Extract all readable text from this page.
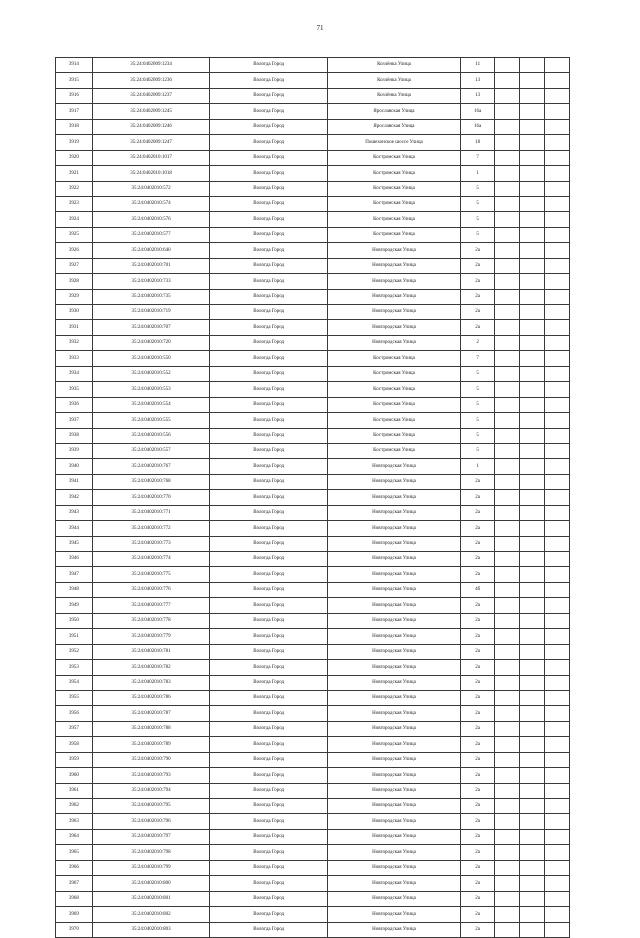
71
3914	35:24:0402009:1234	Вологда Город	Козлёнка Улица	11			
3915	35:24:0402009:1236	Вологда Город	Козлёнка Улица	13			
3916	35:24:0402009:1237	Вологда Город	Козлёнка Улица	13			
3917	35:24:0402009:1245	Вологда Город	Ярославская Улица	16а			
3918	35:24:0402009:1246	Вологда Город	Ярославская Улица	16а			
3919	35:24:0402009:1247	Вологда Город	Пошехонское шоссе Улица	18			
3920	35:24:0402010:1017	Вологда Город	Костромская Улица	7			
3921	35:24:0402010:1018	Вологда Город	Костромская Улица	1			
3922	35:24:0402010:572	Вологда Город	Костромская Улица	5			
3923	35:24:0402010:574	Вологда Город	Костромская Улица	5			
3924	35:24:0402010:576	Вологда Город	Костромская Улица	5			
3925	35:24:0402010:577	Вологда Город	Костромская Улица	5			
3926	35:24:0402010:640	Вологда Город	Новгородская Улица	2а			
3927	35:24:0402010:701	Вологда Город	Новгородская Улица	2а			
3928	35:24:0402010:733	Вологда Город	Новгородская Улица	2а			
3929	35:24:0402010:735	Вологда Город	Новгородская Улица	2а			
3930	35:24:0402010:719	Вологда Город	Новгородская Улица	2а			
3931	35:24:0402010:707	Вологда Город	Новгородская Улица	2а			
3932	35:24:0402010:720	Вологда Город	Новгородская Улица	2			
3933	35:24:0402010:550	Вологда Город	Костромская Улица	7			
3934	35:24:0402010:552	Вологда Город	Костромская Улица	5			
3935	35:24:0402010:553	Вологда Город	Костромская Улица	5			
3936	35:24:0402010:554	Вологда Город	Костромская Улица	5			
3937	35:24:0402010:555	Вологда Город	Костромская Улица	5			
3938	35:24:0402010:556	Вологда Город	Костромская Улица	5			
3939	35:24:0402010:557	Вологда Город	Костромская Улица	5			
3940	35:24:0402010:767	Вологда Город	Новгородская Улица	1			
3941	35:24:0402010:768	Вологда Город	Новгородская Улица	2а			
3942	35:24:0402010:770	Вологда Город	Новгородская Улица	2а			
3943	35:24:0402010:771	Вологда Город	Новгородская Улица	2а			
3944	35:24:0402010:772	Вологда Город	Новгородская Улица	2а			
3945	35:24:0402010:773	Вологда Город	Новгородская Улица	2а			
3946	35:24:0402010:774	Вологда Город	Новгородская Улица	2а			
3947	35:24:0402010:775	Вологда Город	Новгородская Улица	2а			
3948	35:24:0402010:776	Вологда Город	Новгородская Улица	4б			
3949	35:24:0402010:777	Вологда Город	Новгородская Улица	2а			
3950	35:24:0402010:778	Вологда Город	Новгородская Улица	2а			
3951	35:24:0402010:779	Вологда Город	Новгородская Улица	2а			
3952	35:24:0402010:781	Вологда Город	Новгородская Улица	2а			
3953	35:24:0402010:782	Вологда Город	Новгородская Улица	2а			
3954	35:24:0402010:783	Вологда Город	Новгородская Улица	2а			
3955	35:24:0402010:786	Вологда Город	Новгородская Улица	2а			
3956	35:24:0402010:787	Вологда Город	Новгородская Улица	2а			
3957	35:24:0402010:788	Вологда Город	Новгородская Улица	2а			
3958	35:24:0402010:789	Вологда Город	Новгородская Улица	2а			
3959	35:24:0402010:790	Вологда Город	Новгородская Улица	2а			
3960	35:24:0402010:793	Вологда Город	Новгородская Улица	2а			
3961	35:24:0402010:794	Вологда Город	Новгородская Улица	2а			
3962	35:24:0402010:795	Вологда Город	Новгородская Улица	2а			
3963	35:24:0402010:796	Вологда Город	Новгородская Улица	2а			
3964	35:24:0402010:797	Вологда Город	Новгородская Улица	2а			
3965	35:24:0402010:798	Вологда Город	Новгородская Улица	2а			
3966	35:24:0402010:799	Вологда Город	Новгородская Улица	2а			
3967	35:24:0402010:800	Вологда Город	Новгородская Улица	2а			
3968	35:24:0402010:801	Вологда Город	Новгородская Улица	2а			
3969	35:24:0402010:802	Вологда Город	Новгородская Улица	2а			
3970	35:24:0402010:803	Вологда Город	Новгородская Улица	2а			
